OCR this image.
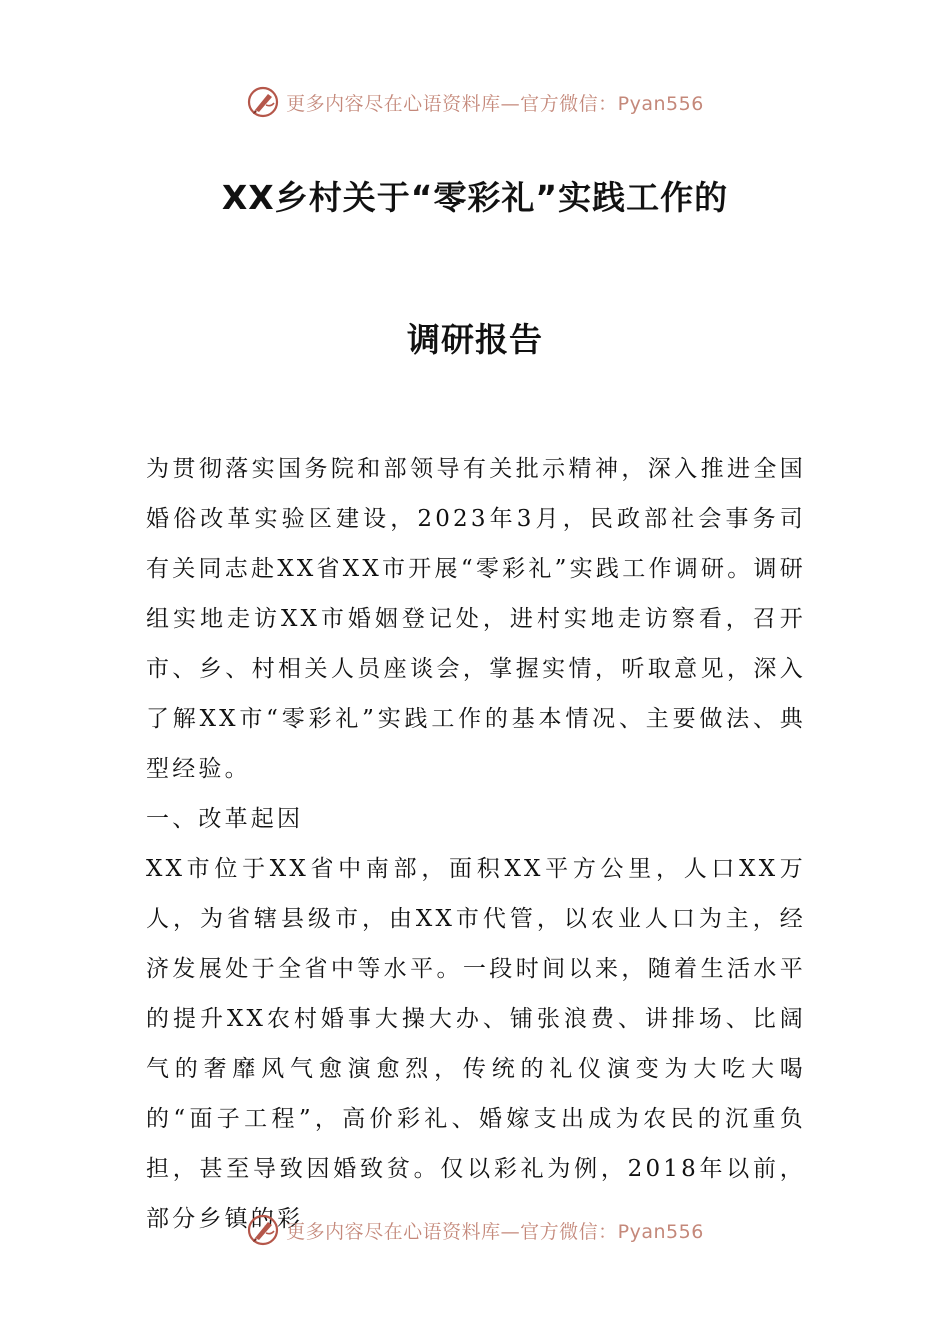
更多内容尽在心语资料库—官方微信：Pyan556
XX乡村关于“零彩礼”实践工作的
调研报告

为贯彻落实国务院和部领导有关批示精神，深入推进全国婚俗改革实验区建设，2023年3月，民政部社会事务司有关同志赴XX省XX市开展“零彩礼”实践工作调研。调研组实地走访XX市婚姻登记处，进村实地走访察看，召开市、乡、村相关人员座谈会，掌握实情，听取意见，深入了解XX市“零彩礼”实践工作的基本情况、主要做法、典型经验。

一、改革起因

XX市位于XX省中南部，面积XX平方公里，人口XX万人，为省辖县级市，由XX市代管，以农业人口为主，经济发展处于全省中等水平。一段时间以来，随着生活水平的提升XX农村婚事大操大办、铺张浪费、讲排场、比阔气的奢靡风气愈演愈烈，传统的礼仪演变为大吃大喝的“面子工程”，高价彩礼、婚嫁支出成为农民的沉重负担，甚至导致因婚致贫。仅以彩礼为例，2018年以前，部分乡镇的彩

更多内容尽在心语资料库—官方微信：Pyan556
